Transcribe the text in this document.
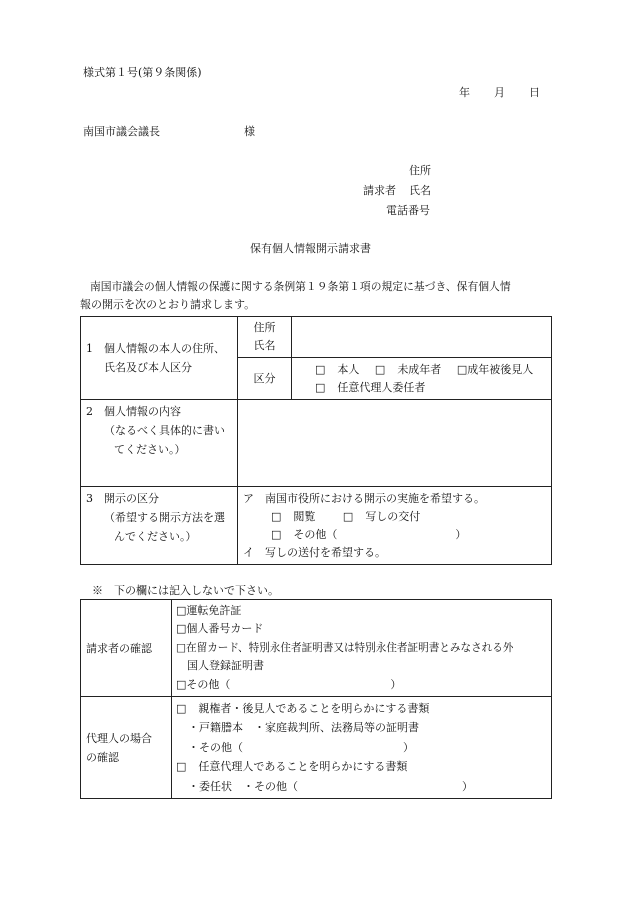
様式第１号(第９条関係)
年 月 日
南国市議会議長	様
住所
請求者 氏名
電話番号
保有個人情報開示請求書
南国市議会の個人情報の保護に関する条例第１９条第１項の規定に基づき、保有個人情
報の開示を次のとおり請求します。
1　個人情報の本人の住所、
氏名及び本人区分	住所
氏名	

	区分	□ 本人 □ 未成年者 □成年被後見人
□ 任意代理人委任者

2　個人情報の内容
（なるべく具体的に書い
てください。）		

3　開示の区分
（希望する開示方法を選
んでください。）	ア　南国市役所における開示の実施を希望する。
□ 閲覧 □ 写しの交付
□ その他（ ）
イ　写しの送付を希望する。	
※　下の欄には記入しないで下さい。
請求者の確認	□運転免許証
□個人番号カード
□在留カード、特別永住者証明書又は特別永住者証明書とみなされる外
国人登録証明書
□その他（ ）

代理人の場合
の確認	□ 親権者・後見人であることを明らかにする書類
・戸籍謄本　・家庭裁判所、法務局等の証明書
・その他（ ）
□ 任意代理人であることを明らかにする書類
・委任状　・その他（ ）
